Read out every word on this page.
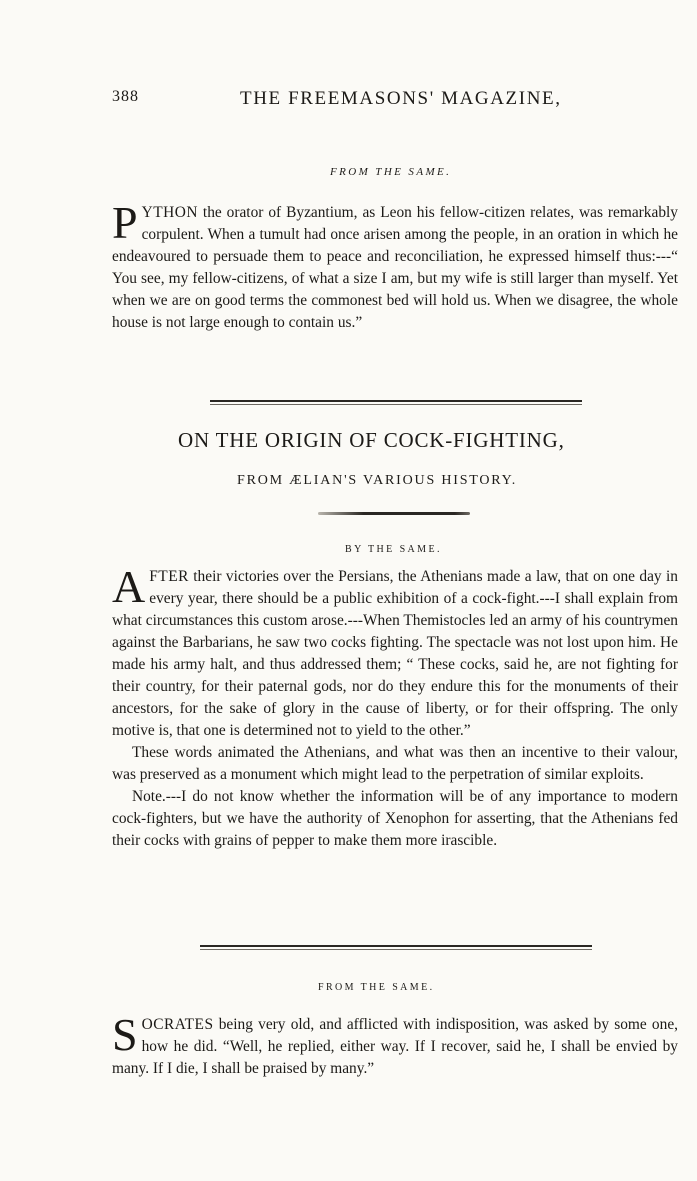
388	THE FREEMASONS' MAGAZINE,
FROM THE SAME.

PYTHON the orator of Byzantium, as Leon his fellow-citizen relates, was remarkably corpulent. When a tumult had once arisen among the people, in an oration in which he endeavoured to persuade them to peace and reconciliation, he expressed himself thus:---“ You see, my fellow-citizens, of what a size I am, but my wife is still larger than myself. Yet when we are on good terms the commonest bed will hold us. When we disagree, the whole house is not large enough to contain us.”

ON THE ORIGIN OF COCK-FIGHTING,
FROM ÆLIAN'S VARIOUS HISTORY.
BY THE SAME.

AFTER their victories over the Persians, the Athenians made a law, that on one day in every year, there should be a public exhibition of a cock-fight.---I shall explain from what circumstances this custom arose.---When Themistocles led an army of his countrymen against the Barbarians, he saw two cocks fighting. The spectacle was not lost upon him. He made his army halt, and thus addressed them; “ These cocks, said he, are not fighting for their country, for their paternal gods, nor do they endure this for the monuments of their ancestors, for the sake of glory in the cause of liberty, or for their offspring. The only motive is, that one is determined not to yield to the other.”

These words animated the Athenians, and what was then an incentive to their valour, was preserved as a monument which might lead to the perpetration of similar exploits.

Note.---I do not know whether the information will be of any importance to modern cock-fighters, but we have the authority of Xenophon for asserting, that the Athenians fed their cocks with grains of pepper to make them more irascible.

FROM THE SAME.

SOCRATES being very old, and afflicted with indisposition, was asked by some one, how he did. “Well, he replied, either way. If I recover, said he, I shall be envied by many. If I die, I shall be praised by many.”
